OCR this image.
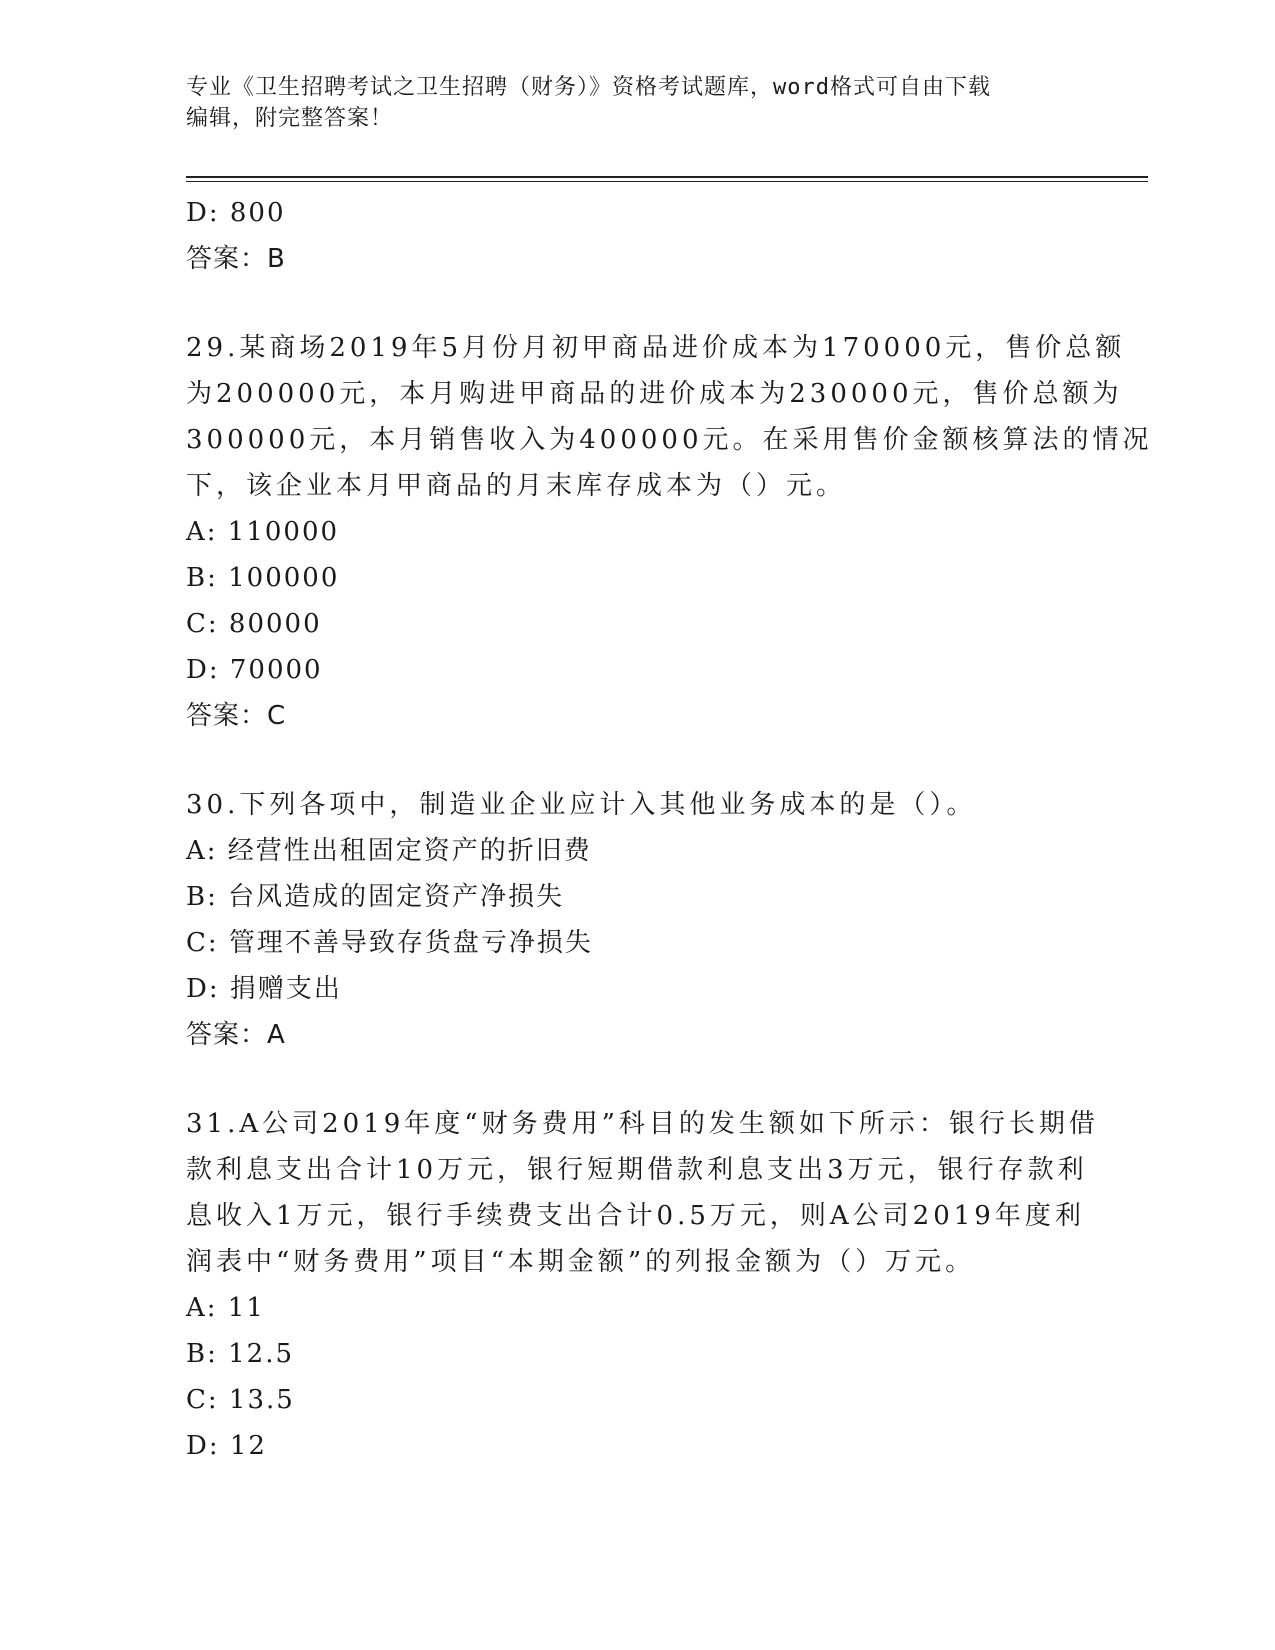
专业《卫生招聘考试之卫生招聘（财务）》资格考试题库，word格式可自由下载
编辑，附完整答案！
D: 800
答案：B
29.某商场2019年5月份月初甲商品进价成本为170000元，售价总额
为200000元，本月购进甲商品的进价成本为230000元，售价总额为
300000元，本月销售收入为400000元。在采用售价金额核算法的情况
下，该企业本月甲商品的月末库存成本为（）元。
A: 110000
B: 100000
C: 80000
D: 70000
答案：C
30.下列各项中，制造业企业应计入其他业务成本的是（）。
A: 经营性出租固定资产的折旧费
B: 台风造成的固定资产净损失
C: 管理不善导致存货盘亏净损失
D: 捐赠支出
答案：A
31.A公司2019年度“财务费用”科目的发生额如下所示：银行长期借
款利息支出合计10万元，银行短期借款利息支出3万元，银行存款利
息收入1万元，银行手续费支出合计0.5万元，则A公司2019年度利
润表中“财务费用”项目“本期金额”的列报金额为（）万元。
A: 11
B: 12.5
C: 13.5
D: 12
